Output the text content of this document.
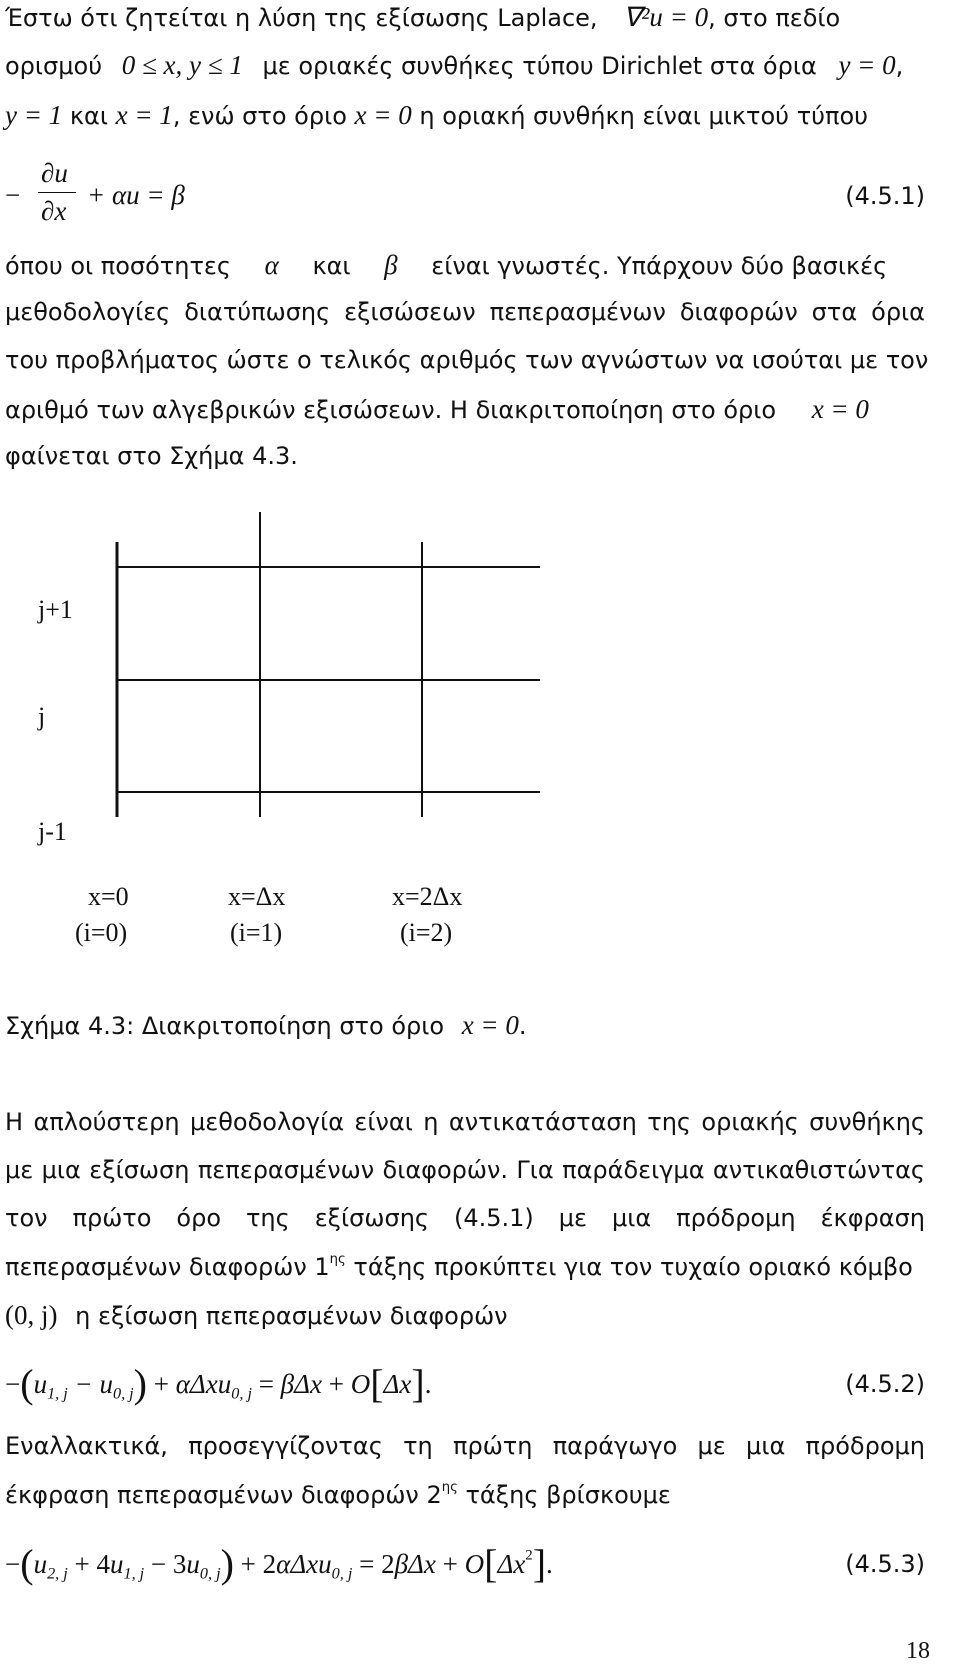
Έστω ότι ζητείται η λύση της εξίσωσης Laplace, ∇²u = 0, στο πεδίο
ορισμού 0 ≤ x, y ≤ 1 με οριακές συνθήκες τύπου Dirichlet στα όρια y = 0,
y = 1 και x = 1, ενώ στο όριο x = 0 η οριακή συνθήκη είναι μικτού τύπου
−
∂u
∂x
+ αu = β	(4.5.1)
όπου οι ποσότητες α και β είναι γνωστές. Υπάρχουν δύο βασικές
μεθοδολογίες διατύπωσης εξισώσεων πεπερασμένων διαφορών στα όρια
του προβλήματος ώστε ο τελικός αριθμός των αγνώστων να ισούται με τον
αριθμό των αλγεβρικών εξισώσεων. Η διακριτοποίηση στο όριο x = 0
φαίνεται στο Σχήμα 4.3.
j+1
j
j-1
x=0	x=Δx	x=2Δx
(i=0)	(i=1)	(i=2)
Σχήμα 4.3: Διακριτοποίηση στο όριο x = 0.
Η απλούστερη μεθοδολογία είναι η αντικατάσταση της οριακής συνθήκης
με μια εξίσωση πεπερασμένων διαφορών. Για παράδειγμα αντικαθιστώντας
τον πρώτο όρο της εξίσωσης (4.5.1) με μια πρόδρομη έκφραση
πεπερασμένων διαφορών $1^{\eta\varsigma}$ τάξης προκύπτει για τον τυχαίο οριακό κόμβο
(0, j) η εξίσωση πεπερασμένων διαφορών
$-(u_{1, j} - u_{0, j}) + \alpha\Delta xu_{0, j} = \beta\Delta x + O[\Delta x]$.	(4.5.2)
Εναλλακτικά, προσεγγίζοντας τη πρώτη παράγωγο με μια πρόδρομη
έκφραση πεπερασμένων διαφορών $2^{\eta\varsigma}$ τάξης βρίσκουμε
$-(u_{2, j} + 4u_{1, j} - 3u_{0, j}) + 2\alpha\Delta xu_{0, j} = 2\beta\Delta x + O[\Delta x^2]$.	(4.5.3)
18
